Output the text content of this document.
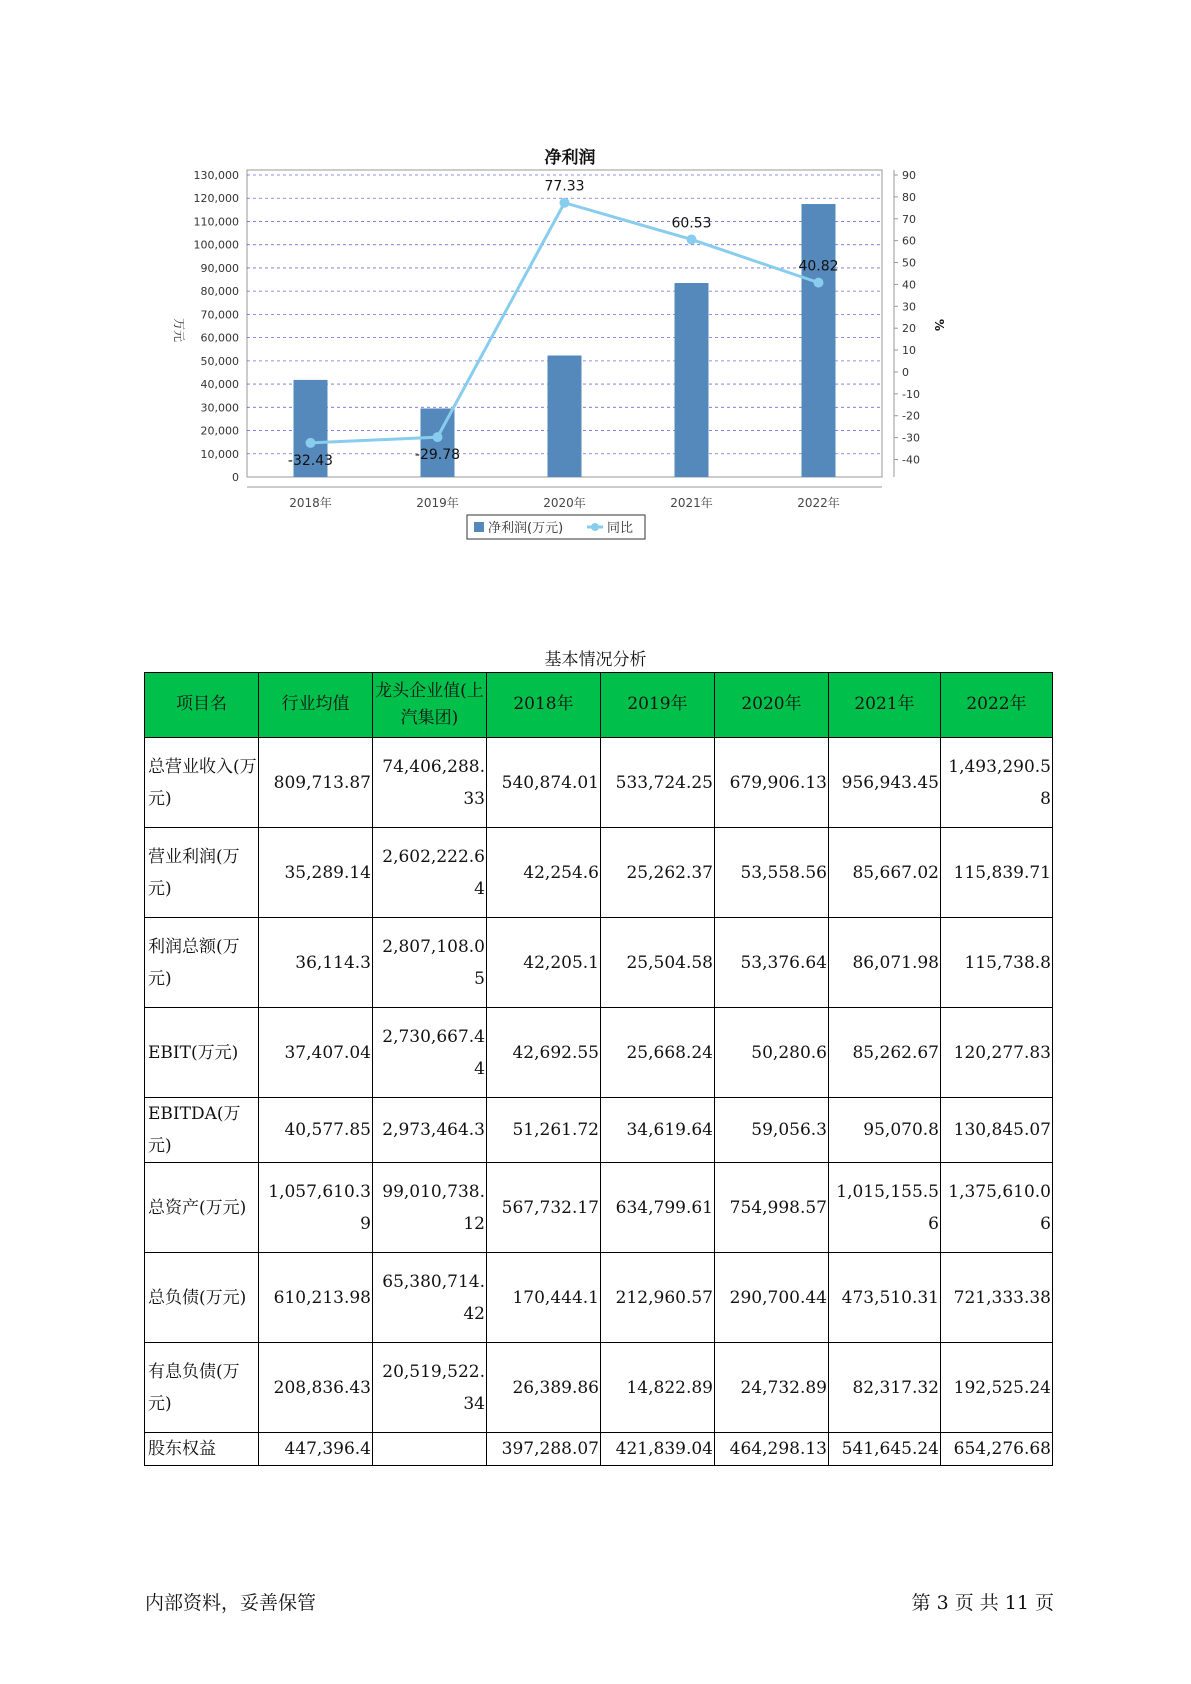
净利润
130,000
120,000
110,000
100,000
90,000
80,000
70,000
60,000
50,000
40,000
30,000
20,000
10,000
0
90
80
70
60
50
40
30
20
10
0
-10
-20
-30
-40
万元	%
2018年	2019年	2020年	2021年	2022年
-32.43	-29.78
77.33
60.53
40.82
净利润(万元)	同比
基本情况分析
项目名	行业均值	龙头企业值(上汽集团)	2018年	2019年	2020年	2021年	2022年
总营业收入(万元)	809,713.87	74,406,288.33	540,874.01	533,724.25	679,906.13	956,943.45	1,493,290.58
营业利润(万元)	35,289.14	2,602,222.64	42,254.6	25,262.37	53,558.56	85,667.02	115,839.71
利润总额(万元)	36,114.3	2,807,108.05	42,205.1	25,504.58	53,376.64	86,071.98	115,738.8
EBIT(万元)	37,407.04	2,730,667.44	42,692.55	25,668.24	50,280.6	85,262.67	120,277.83
EBITDA(万元)	40,577.85	2,973,464.3	51,261.72	34,619.64	59,056.3	95,070.8	130,845.07
总资产(万元)	1,057,610.39	99,010,738.12	567,732.17	634,799.61	754,998.57	1,015,155.56	1,375,610.06
总负债(万元)	610,213.98	65,380,714.42	170,444.1	212,960.57	290,700.44	473,510.31	721,333.38
有息负债(万元)	208,836.43	20,519,522.34	26,389.86	14,822.89	24,732.89	82,317.32	192,525.24
股东权益	447,396.4		397,288.07	421,839.04	464,298.13	541,645.24	654,276.68
内部资料，妥善保管	第 3 页 共 11 页
